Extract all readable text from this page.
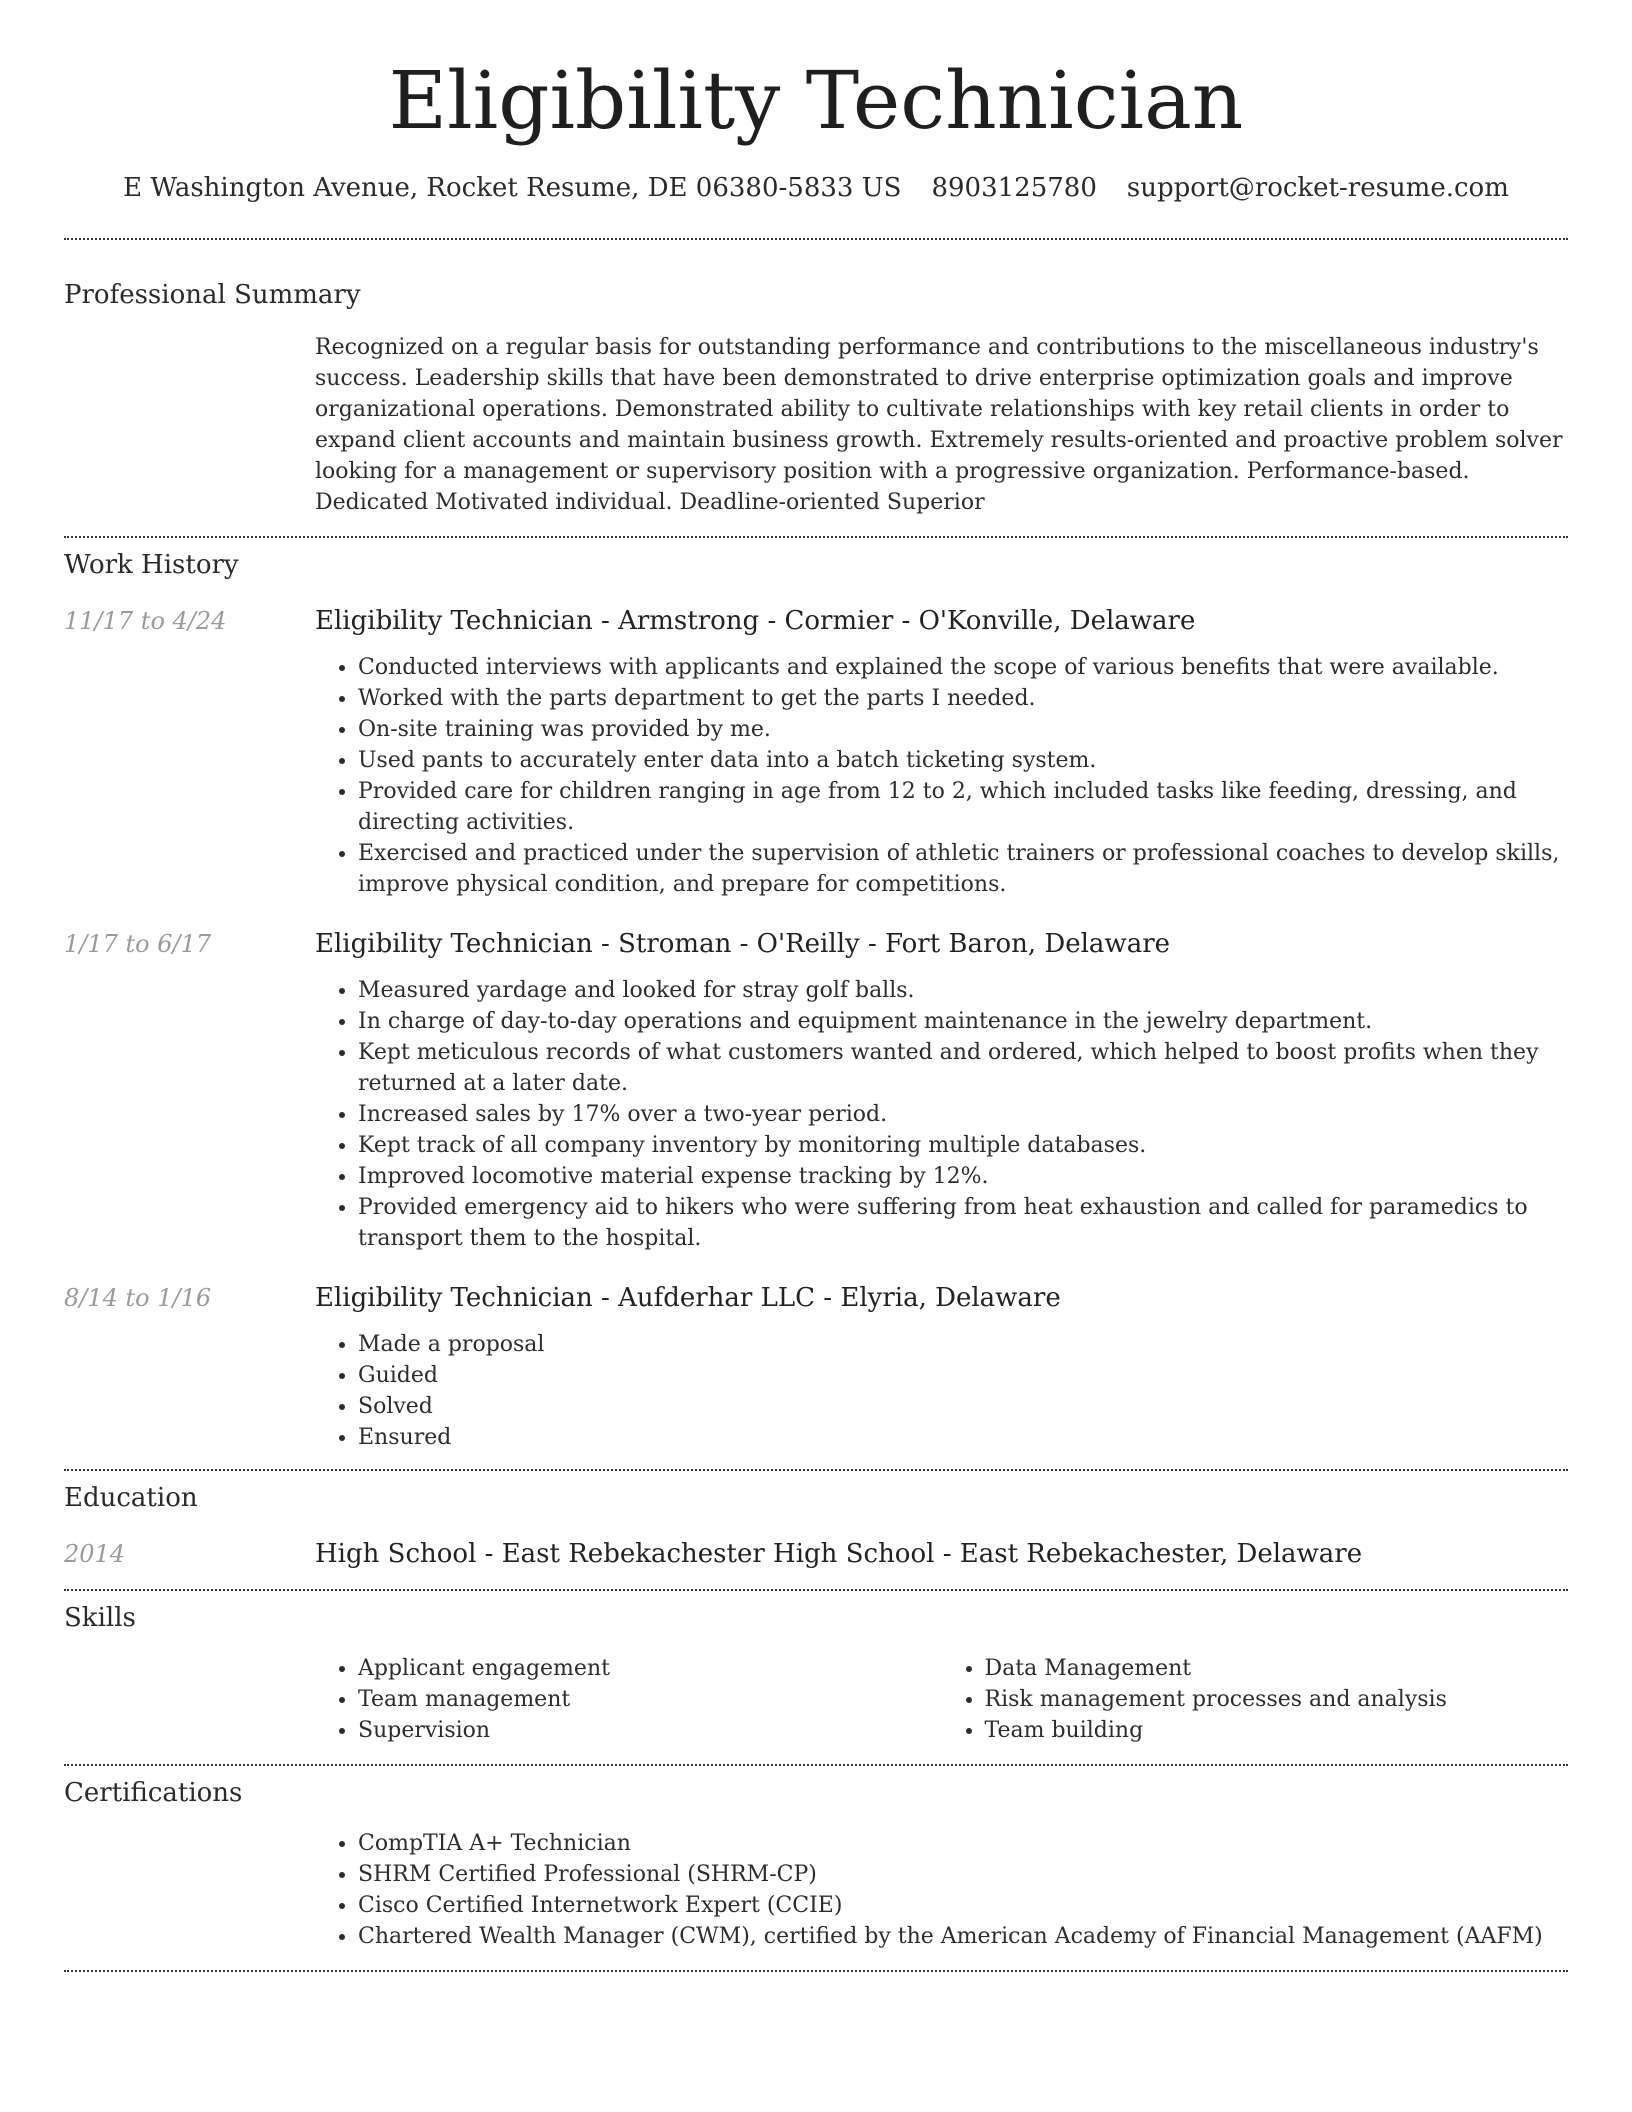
Eligibility Technician
E Washington Avenue, Rocket Resume, DE 06380-5833 US 8903125780 support@rocket-resume.com
Professional Summary
Recognized on a regular basis for outstanding performance and contributions to the miscellaneous industry's success. Leadership skills that have been demonstrated to drive enterprise optimization goals and improve organizational operations. Demonstrated ability to cultivate relationships with key retail clients in order to expand client accounts and maintain business growth. Extremely results-oriented and proactive problem solver looking for a management or supervisory position with a progressive organization. Performance-based. Dedicated Motivated individual. Deadline-oriented Superior
Work History
11/17 to 4/24	Eligibility Technician - Armstrong - Cormier - O'Konville, Delaware
• Conducted interviews with applicants and explained the scope of various benefits that were available.
• Worked with the parts department to get the parts I needed.
• On-site training was provided by me.
• Used pants to accurately enter data into a batch ticketing system.
• Provided care for children ranging in age from 12 to 2, which included tasks like feeding, dressing, and directing activities.
• Exercised and practiced under the supervision of athletic trainers or professional coaches to develop skills, improve physical condition, and prepare for competitions.
1/17 to 6/17	Eligibility Technician - Stroman - O'Reilly - Fort Baron, Delaware
• Measured yardage and looked for stray golf balls.
• In charge of day-to-day operations and equipment maintenance in the jewelry department.
• Kept meticulous records of what customers wanted and ordered, which helped to boost profits when they returned at a later date.
• Increased sales by 17% over a two-year period.
• Kept track of all company inventory by monitoring multiple databases.
• Improved locomotive material expense tracking by 12%.
• Provided emergency aid to hikers who were suffering from heat exhaustion and called for paramedics to transport them to the hospital.
8/14 to 1/16	Eligibility Technician - Aufderhar LLC - Elyria, Delaware
• Made a proposal
• Guided
• Solved
• Ensured
Education
2014	High School - East Rebekachester High School - East Rebekachester, Delaware
Skills
• Applicant engagement
• Team management
• Supervision
• Data Management
• Risk management processes and analysis
• Team building
Certifications
• CompTIA A+ Technician
• SHRM Certified Professional (SHRM-CP)
• Cisco Certified Internetwork Expert (CCIE)
• Chartered Wealth Manager (CWM), certified by the American Academy of Financial Management (AAFM)
